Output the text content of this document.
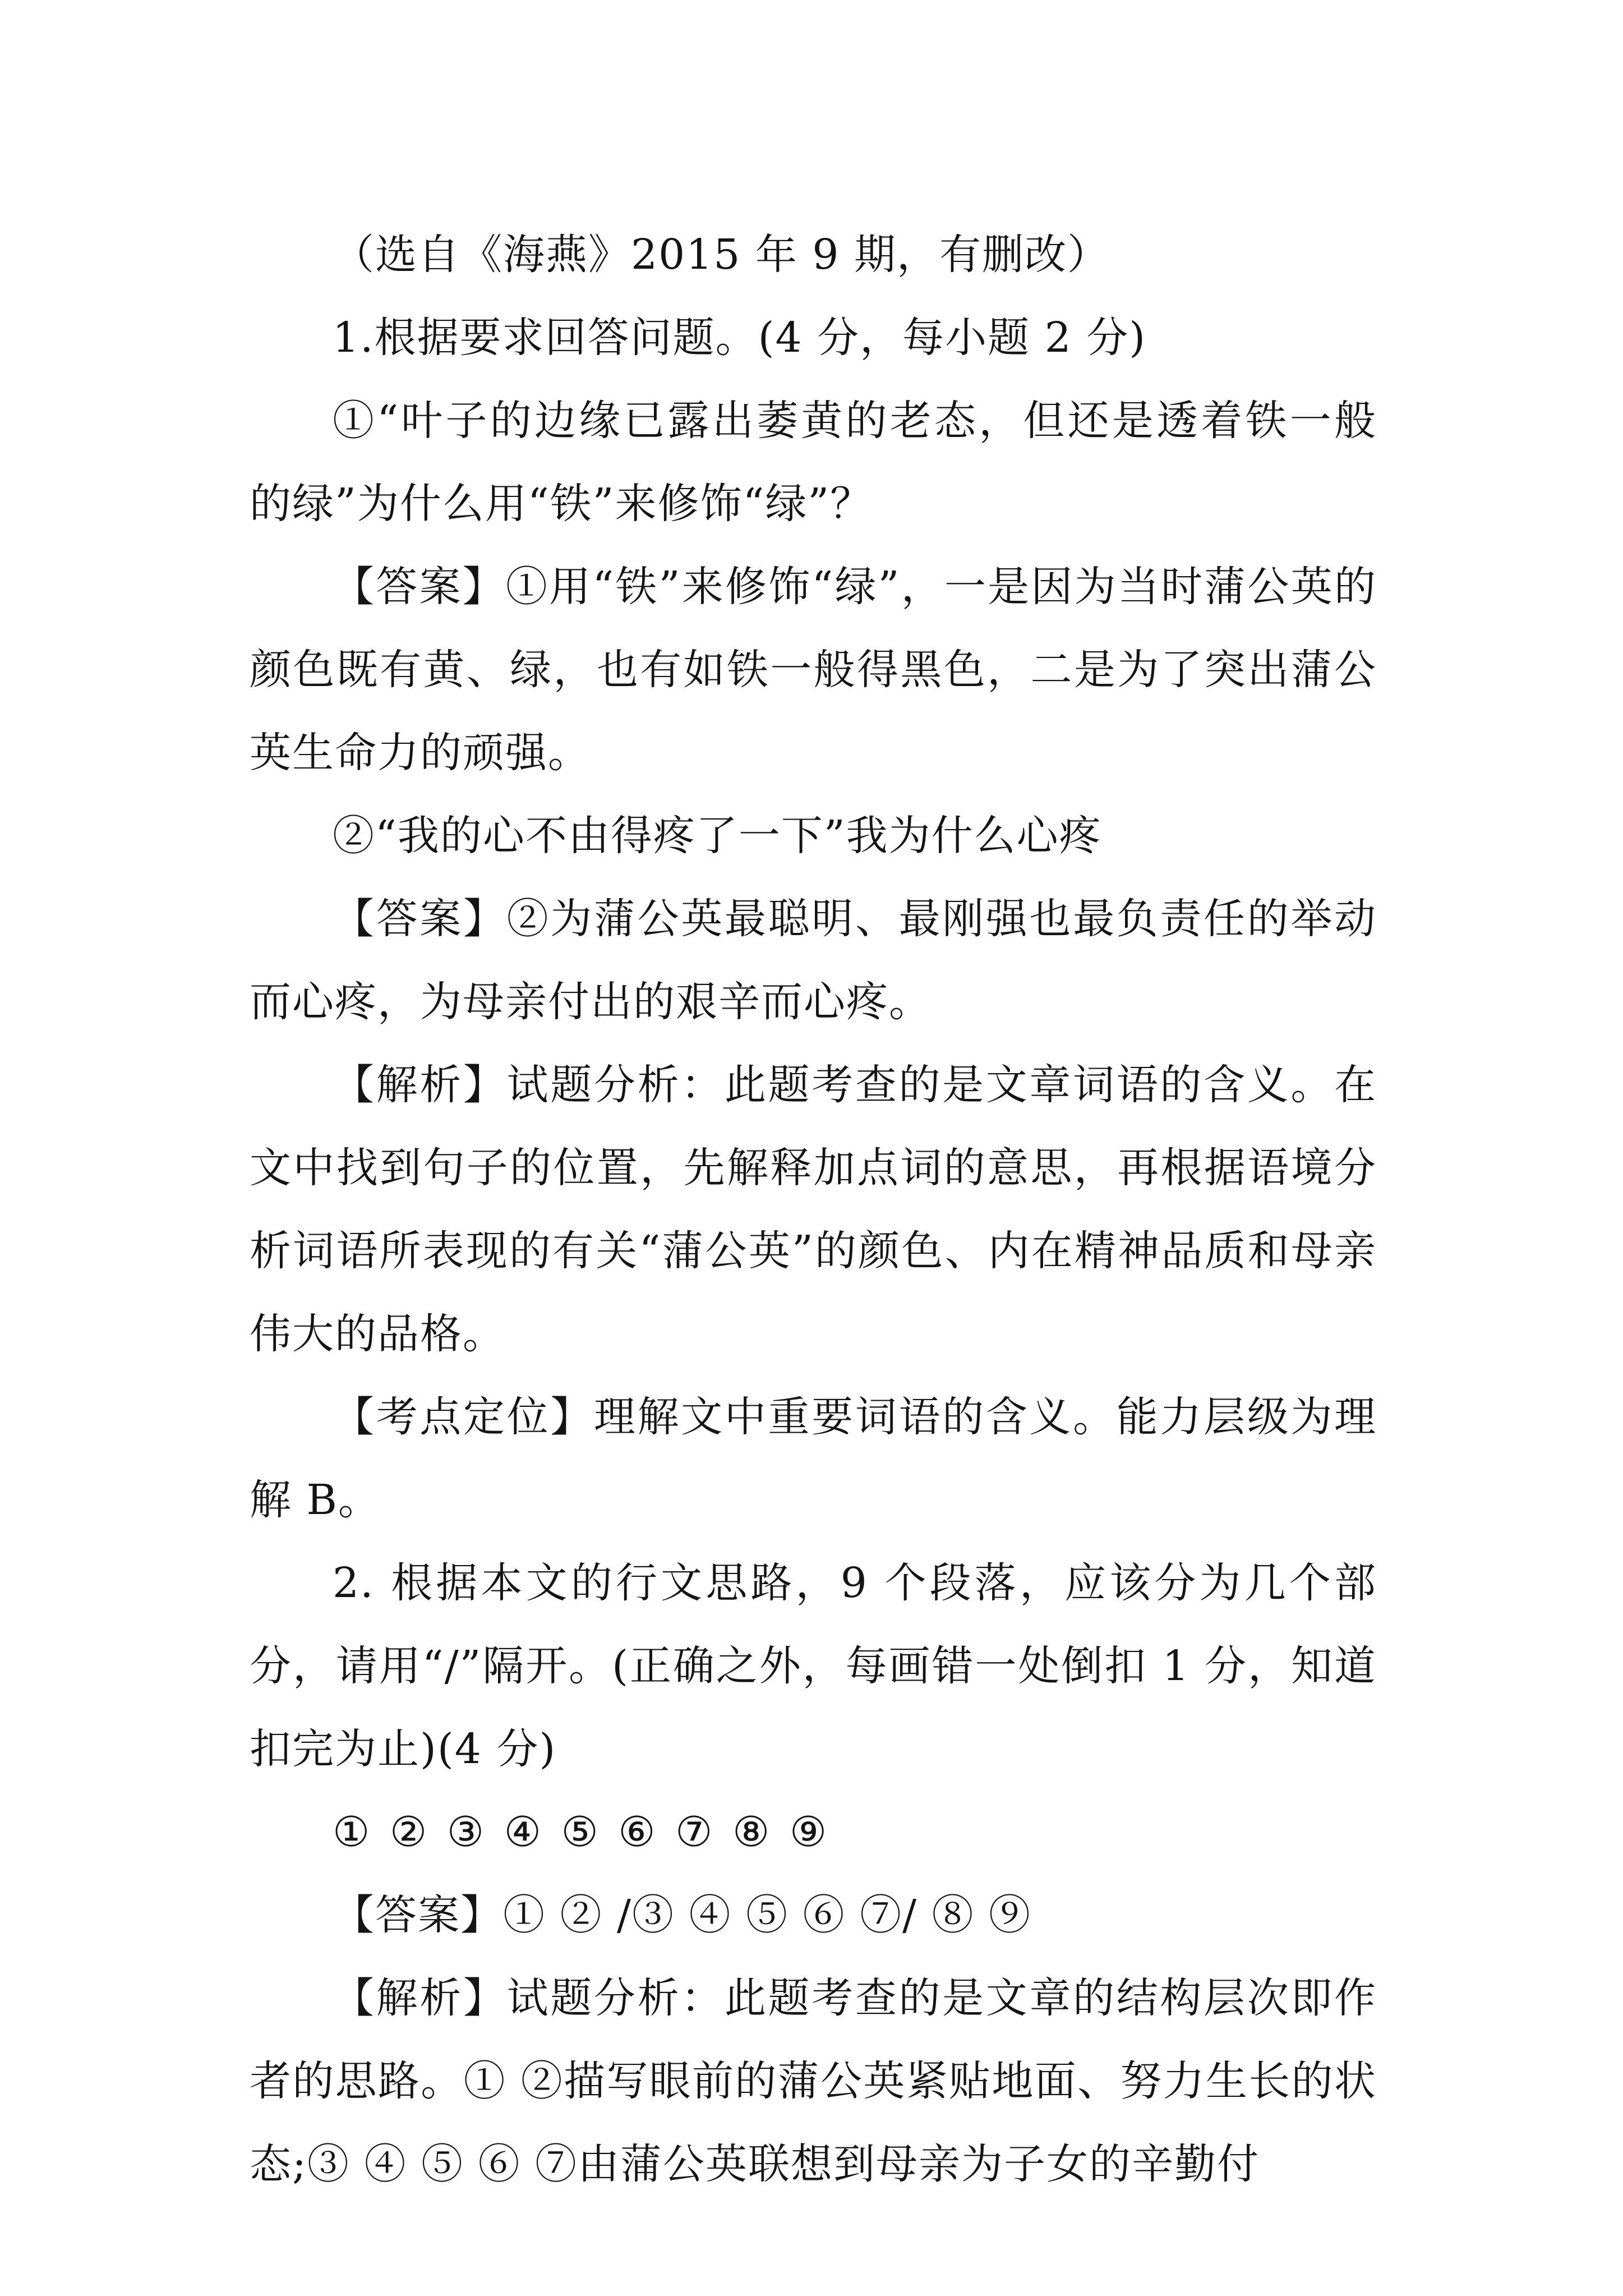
（选自《海燕》2015 年 9 期，有删改）

1.根据要求回答问题。(4 分，每小题 2 分)

①“叶子的边缘已露出萎黄的老态，但还是透着铁一般的绿”为什么用“铁”来修饰“绿”？

【答案】①用“铁”来修饰“绿”，一是因为当时蒲公英的颜色既有黄、绿，也有如铁一般得黑色，二是为了突出蒲公英生命力的顽强。

②“我的心不由得疼了一下”我为什么心疼

【答案】②为蒲公英最聪明、最刚强也最负责任的举动而心疼，为母亲付出的艰辛而心疼。

【解析】试题分析：此题考查的是文章词语的含义。在文中找到句子的位置，先解释加点词的意思，再根据语境分析词语所表现的有关“蒲公英”的颜色、内在精神品质和母亲伟大的品格。

【考点定位】理解文中重要词语的含义。能力层级为理解 B。

2. 根据本文的行文思路，9 个段落，应该分为几个部分，请用“/”隔开。(正确之外，每画错一处倒扣 1 分，知道扣完为止)(4 分)

① ② ③ ④ ⑤ ⑥ ⑦ ⑧ ⑨

【答案】① ② /③ ④ ⑤ ⑥ ⑦/ ⑧ ⑨

【解析】试题分析：此题考查的是文章的结构层次即作者的思路。① ②描写眼前的蒲公英紧贴地面、努力生长的状态;③ ④ ⑤ ⑥ ⑦由蒲公英联想到母亲为子女的辛勤付
